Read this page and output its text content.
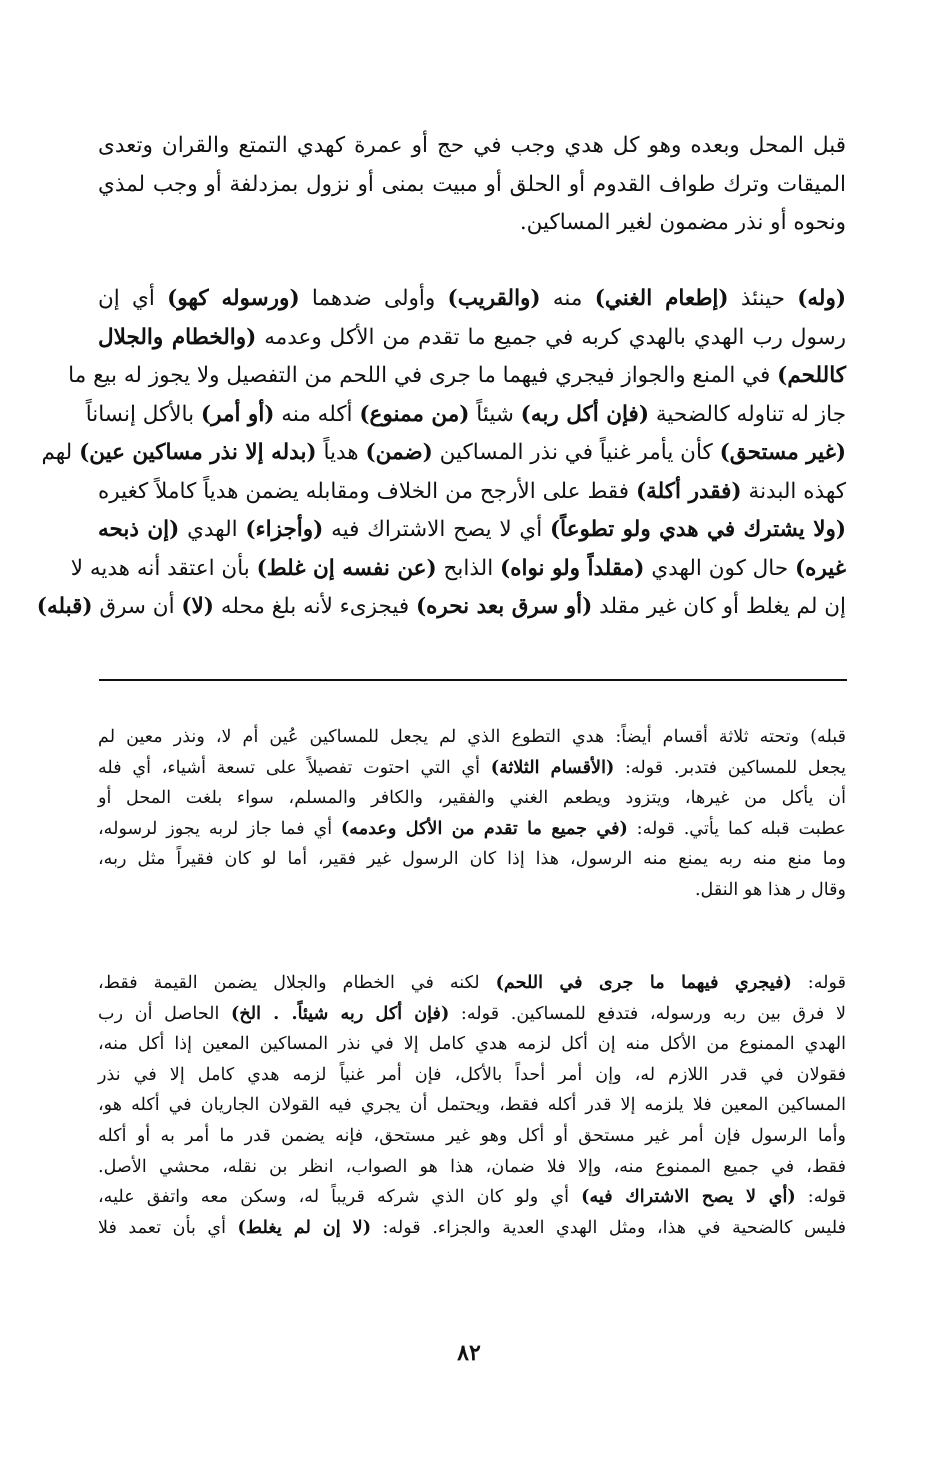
قبل المحل وبعده وهو كل هدي وجب في حج أو عمرة كهدي التمتع والقران وتعدى
الميقات وترك طواف القدوم أو الحلق أو مبيت بمنى أو نزول بمزدلفة أو وجب لمذي
ونحوه أو نذر مضمون لغير المساكين.
(وله) حينئذ (إطعام الغني) منه (والقريب) وأولى ضدهما (ورسوله كهو) أي إن
رسول رب الهدي بالهدي كربه في جميع ما تقدم من الأكل وعدمه (والخطام والجلال
كاللحم) في المنع والجواز فيجري فيهما ما جرى في اللحم من التفصيل ولا يجوز له بيع ما
جاز له تناوله كالضحية (فإن أكل ربه) شيئاً (من ممنوع) أكله منه (أو أمر) بالأكل إنساناً
(غير مستحق) كأن يأمر غنياً في نذر المساكين (ضمن) هدياً (بدله إلا نذر مساكين عين) لهم
كهذه البدنة (فقدر أكلة) فقط على الأرجح من الخلاف ومقابله يضمن هدياً كاملاً كغيره
(ولا يشترك في هدي ولو تطوعاً) أي لا يصح الاشتراك فيه (وأجزاء) الهدي (إن ذبحه
غيره) حال كون الهدي (مقلداً ولو نواه) الذابح (عن نفسه إن غلط) بأن اعتقد أنه هديه لا
إن لم يغلط أو كان غير مقلد (أو سرق بعد نحره) فيجزىء لأنه بلغ محله (لا) أن سرق (قبله)
قبله) وتحته ثلاثة أقسام أيضاً: هدي التطوع الذي لم يجعل للمساكين عُين أم لا، ونذر معين لم
يجعل للمساكين فتدبر. قوله: (الأقسام الثلاثة) أي التي احتوت تفصيلاً على تسعة أشياء، أي فله
أن يأكل من غيرها، ويتزود ويطعم الغني والفقير، والكافر والمسلم، سواء بلغت المحل أو
عطبت قبله كما يأتي. قوله: (في جميع ما تقدم من الأكل وعدمه) أي فما جاز لربه يجوز لرسوله،
وما منع منه ربه يمنع منه الرسول، هذا إذا كان الرسول غير فقير، أما لو كان فقيراً مثل ربه،
وقال ر هذا هو النقل.
قوله: (فيجري فيهما ما جرى في اللحم) لكنه في الخطام والجلال يضمن القيمة فقط،
لا فرق بين ربه ورسوله، فتدفع للمساكين. قوله: (فإن أكل ربه شيئاً. . الخ) الحاصل أن رب
الهدي الممنوع من الأكل منه إن أكل لزمه هدي كامل إلا في نذر المساكين المعين إذا أكل منه،
فقولان في قدر اللازم له، وإن أمر أحداً بالأكل، فإن أمر غنياً لزمه هدي كامل إلا في نذر
المساكين المعين فلا يلزمه إلا قدر أكله فقط، ويحتمل أن يجري فيه القولان الجاريان في أكله هو،
وأما الرسول فإن أمر غير مستحق أو أكل وهو غير مستحق، فإنه يضمن قدر ما أمر به أو أكله
فقط، في جميع الممنوع منه، وإلا فلا ضمان، هذا هو الصواب، انظر بن نقله، محشي الأصل.
قوله: (أي لا يصح الاشتراك فيه) أي ولو كان الذي شركه قريباً له، وسكن معه واتفق عليه،
فليس كالضحية في هذا، ومثل الهدي العدية والجزاء. قوله: (لا إن لم يغلط) أي بأن تعمد فلا
٨٢
